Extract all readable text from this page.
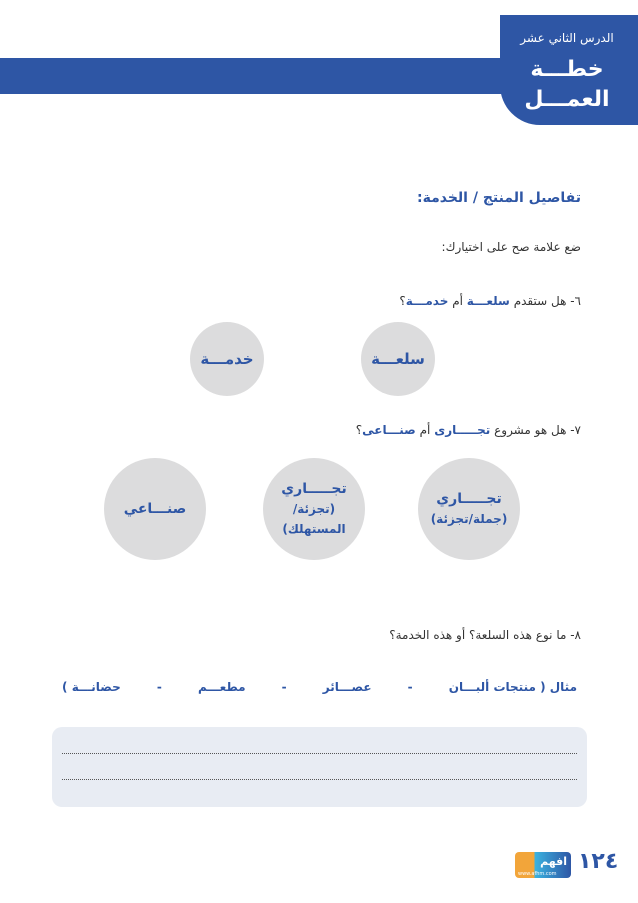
الدرس الثاني عشر
خطـــة
العمـــل
تفاصيل المنتج / الخدمة:
ضع علامة صح على اختيارك:
٦- هل ستقدم سلعـــة أم خدمـــة؟
سلعـــة
خدمـــة
٧- هل هو مشروع تجـــــارى أم صنـــاعى؟
تجـــــاري
(جملة/تجزئة)
تجـــــاري
(تجزئة/
المستهلك)
صنـــاعي
٨- ما نوع هذه السلعة؟ أو هذه الخدمة؟
مثال ( منتجات ألبـــان
-
عصـــائر
-
مطعـــم
-
حضانـــة )
افهم
www.afhm.com ١٢٤
